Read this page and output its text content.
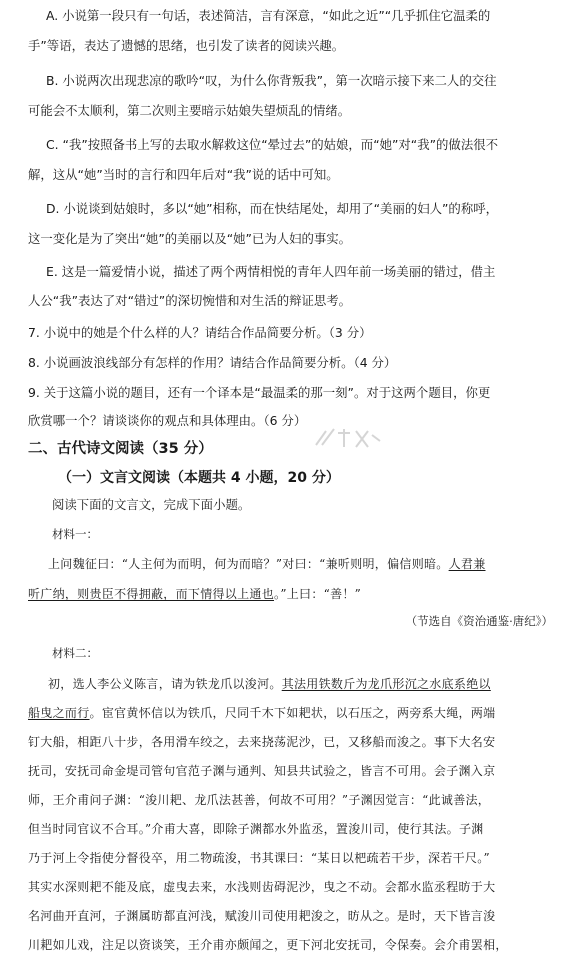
A. 小说第一段只有一句话，表述简洁，言有深意，“如此之近”“几乎抓住它温柔的
手”等语，表达了遗憾的思绪，也引发了读者的阅读兴趣。
B. 小说两次出现悲凉的歌吟“叹，为什么你背叛我”，第一次暗示接下来二人的交往
可能会不太顺利，第二次则主要暗示姑娘失望烦乱的情绪。
C. “我”按照备书上写的去取水解救这位“晕过去”的姑娘，而“她”对“我”的做法很不
解，这从“她”当时的言行和四年后对“我”说的话中可知。
D. 小说谈到姑娘时，多以“她”相称，而在快结尾处，却用了“美丽的妇人”的称呼，
这一变化是为了突出“她”的美丽以及“她”已为人妇的事实。
E. 这是一篇爱情小说，描述了两个两情相悦的青年人四年前一场美丽的错过，借主
人公“我”表达了对“错过”的深切惋惜和对生活的辩证思考。
7. 小说中的她是个什么样的人？请结合作品简要分析。（3 分）
8. 小说画波浪线部分有怎样的作用？请结合作品简要分析。（4 分）
9. 关于这篇小说的题目，还有一个译本是“最温柔的那一刻”。对于这两个题目，你更
欣赏哪一个？请谈谈你的观点和具体理由。（6 分）
二、古代诗文阅读（35 分）
（一）文言文阅读（本题共 4 小题，20 分）
阅读下面的文言文，完成下面小题。
材料一：
上问魏征曰：“人主何为而明，何为而暗？”对曰：“兼听则明，偏信则暗。人君兼
听广纳，则贵臣不得拥蔽，而下情得以上通也。”上曰：“善！”
（节选自《资治通鉴·唐纪》）
材料二：
初，选人李公义陈言，请为铁龙爪以浚河。其法用铁数斤为龙爪形沉之水底系绝以
船曳之而行。宦官黄怀信以为铁爪，尺同千木下如耙状，以石压之，两旁系大绳，两端
钉大船，相距八十步，各用滑车绞之，去来挠荡泥沙，已，又移船而浚之。事下大名安
抚司，安抚司命金堤司管句官范子渊与通判、知县共试验之，皆言不可用。会子渊入京
师，王介甫问子渊：“浚川耙、龙爪法甚善，何故不可用？”子渊因觉言：“此诚善法，
但当时同官议不合耳。”介甫大喜，即除子渊都水外监丞，置浚川司，使行其法。子渊
乃于河上令指使分督役卒，用二物疏浚，书其课曰：“某日以杷疏若干步，深若干尺。”
其实水深则耙不能及底，虚曳去来，水浅则齿碍泥沙，曳之不动。会都水监丞程昉于大
名河曲开直河，子渊属昉都直河浅，赋浚川司使用耙浚之，昉从之。是时，天下皆言浚
川耙如儿戏，注足以资谈笑，王介甫亦颇闻之，更下河北安抚司，令保奏。会介甫罢相，
